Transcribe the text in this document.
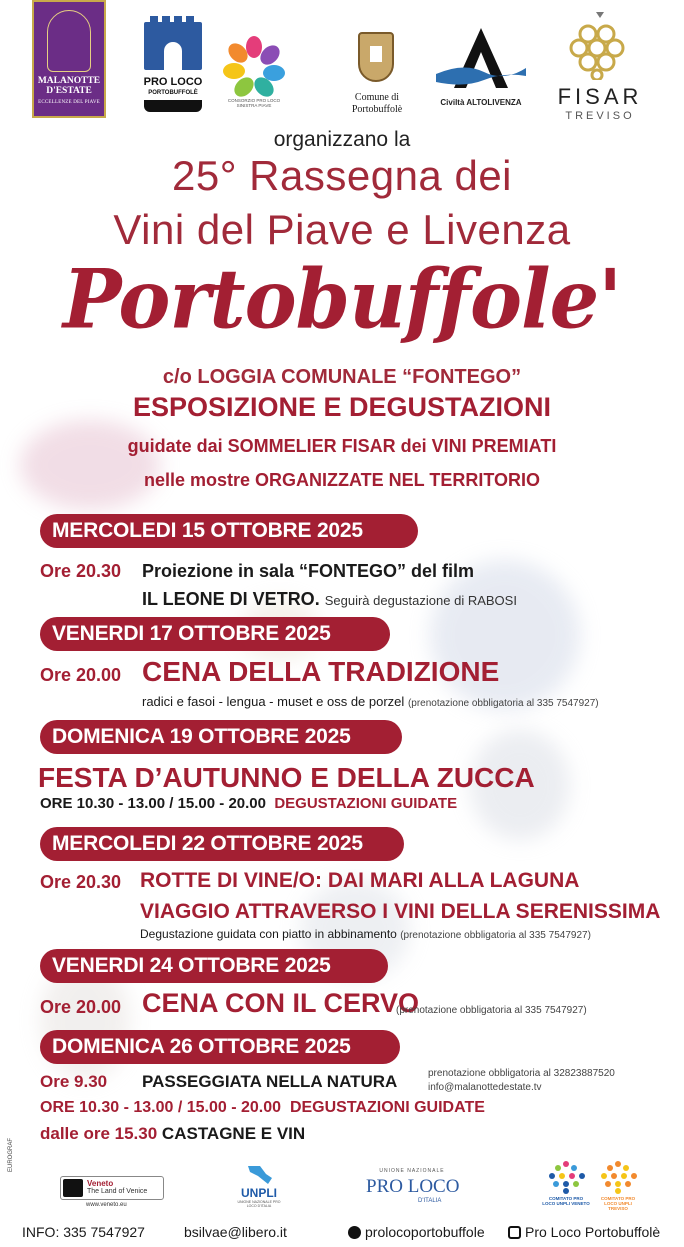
MALANOTTE
D'ESTATE
ECCELLENZE DEL PIAVE
PRO LOCO
PORTOBUFFOLÈ
CONSORZIO PRO LOCO SINISTRA PIAVE
Comune di
Portobuffolè
Civiltà ALTOLIVENZA FISAR
TREVISO
organizzano la
25° Rassegna dei
Vini del Piave e Livenza
Portobuffole'
c/o LOGGIA COMUNALE “FONTEGO”
ESPOSIZIONE E DEGUSTAZIONI
guidate dai SOMMELIER FISAR dei VINI PREMIATI
nelle mostre ORGANIZZATE NEL TERRITORIO
MERCOLEDI 15 OTTOBRE 2025
Ore 20.30 Proiezione in sala “FONTEGO” del film
IL LEONE DI VETRO. Seguirà degustazione di RABOSI
VENERDI 17 OTTOBRE 2025
Ore 20.00 CENA DELLA TRADIZIONE
radici e fasoi - lengua - muset e oss de porzel (prenotazione obbligatoria al 335 7547927)
DOMENICA 19 OTTOBRE 2025
FESTA D’AUTUNNO E DELLA ZUCCA
ORE 10.30 - 13.00 / 15.00 - 20.00 DEGUSTAZIONI GUIDATE
MERCOLEDI 22 OTTOBRE 2025
Ore 20.30 ROTTE DI VINE/O: DAI MARI ALLA LAGUNA
VIAGGIO ATTRAVERSO I VINI DELLA SERENISSIMA
Degustazione guidata con piatto in abbinamento (prenotazione obbligatoria al 335 7547927)
VENERDI 24 OTTOBRE 2025
Ore 20.00 CENA CON IL CERVO
(prenotazione obbligatoria al 335 7547927)
DOMENICA 26 OTTOBRE 2025
Ore 9.30 PASSEGGIATA NELLA NATURA	prenotazione obbligatoria al 32823887520
info@malanottedestate.tv
ORE 10.30 - 13.00 / 15.00 - 20.00 DEGUSTAZIONI GUIDATE
dalle ore 15.30 CASTAGNE E VIN
EUROGRAF
Veneto
The Land of Venice
www.veneto.eu
UNPLI
UNIONE NAZIONALE PRO LOCO D'ITALIA
UNIONE NAZIONALE
PRO LOCO
D'ITALIA	COMITATO PRO LOCO UNPLI VENETO
COMITATO PRO LOCO UNPLI TREVISO
INFO: 335 7547927	bsilvae@libero.it	prolocoportobuffole	Pro Loco Portobuffolè
